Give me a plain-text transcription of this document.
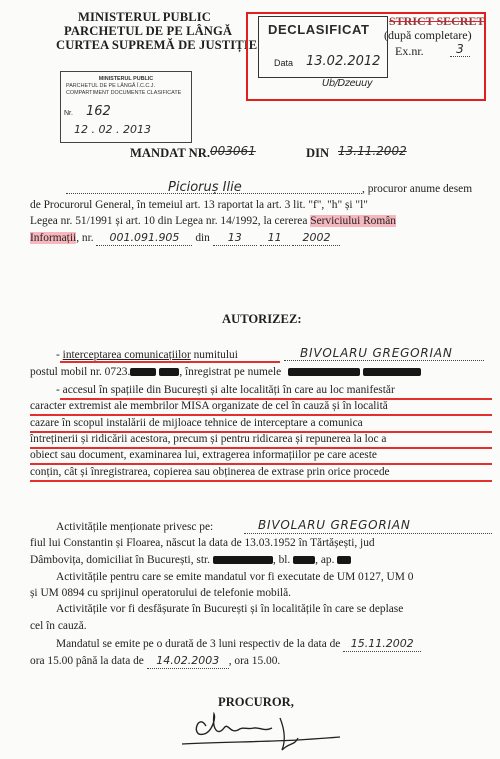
MINISTERUL PUBLIC
PARCHETUL DE PE LÂNGĂ
CURTEA SUPREMĂ DE JUSTIȚIE
DECLASIFICAT
STRICT SECRET
(după completare)
Ex.nr.	3
Data 13.02.2012
Ub/Dzeuuy
MINISTERUL PUBLIC
PARCHETUL DE PE LÂNGĂ Î.C.C.J.
COMPARTIMENT DOCUMENTE CLASIFICATE
Nr. 162
12 . 02 . 2013
MANDAT NR. 003061	DIN 13.11.2002
Picioruș Ilie	, procuror anume desem
de Procurorul General, în temeiul art. 13 raportat la art. 3 lit. "f", "h" și "l"
Legea nr. 51/1991 și art. 10 din Legea nr. 14/1992, la cererea Serviciului Român
Informații, nr. 001.091.905 din 13 11 2002
AUTORIZEZ:
- interceptarea comunicațiilor numitului	BIVOLARU GREGORIAN
postul mobil nr. 0723.	, înregistrat pe numele
- accesul în spațiile din București și alte localități în care au loc manifestăr
caracter extremist ale membrilor MISA organizate de cel în cauză și în localită
cazare în scopul instalării de mijloace tehnice de interceptare a comunica
întreținerii și ridicării acestora, precum și pentru ridicarea și repunerea la loc a
obiect sau document, examinarea lui, extragerea informațiilor pe care aceste
conțin, cât și înregistrarea, copierea sau obținerea de extrase prin orice procede
Activitățile menționate privesc pe:	BIVOLARU GREGORIAN
fiul lui Constantin și Floarea, născut la data de 13.03.1952 în Tărtășești, jud
Dâmbovița, domiciliat în București, str.	, bl. , ap.
Activitățile pentru care se emite mandatul vor fi executate de UM 0127, UM 0
și UM 0894 cu sprijinul operatorului de telefonie mobilă.
Activitățile vor fi desfășurate în București și în localitățile în care se deplase
cel în cauză.
Mandatul se emite pe o durată de 3 luni respectiv de la data de 15.11.2002
ora 15.00 până la data de 14.02.2003 , ora 15.00.
PROCUROR,
